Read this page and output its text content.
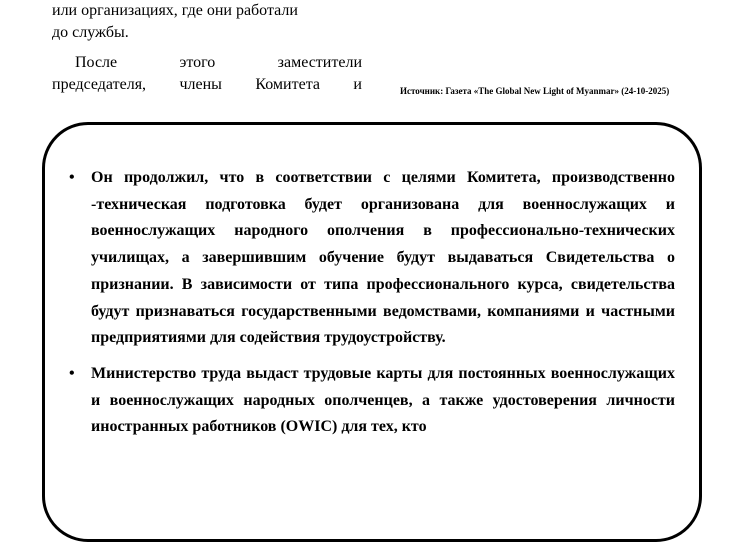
или организациях, где они работали
до службы.

После этого заместители

председателя, члены Комитета и	Источник: Газета «The Global New Light of Myanmar» (24-10-2025)
• Он продолжил, что в соответствии с целями Комитета, производственно -техническая подготовка будет организована для военнослужащих и военнослужащих народного ополчения в профессионально-технических училищах, а завершившим обучение будут выдаваться Свидетельства о признании. В зависимости от типа профессионального курса, свидетельства будут признаваться государственными ведомствами, компаниями и частными предприятиями для содействия трудоустройству.
• Министерство труда выдаст трудовые карты для постоянных военнослужащих и военнослужащих народных ополченцев, а также удостоверения личности иностранных работников (OWIC) для тех, кто
